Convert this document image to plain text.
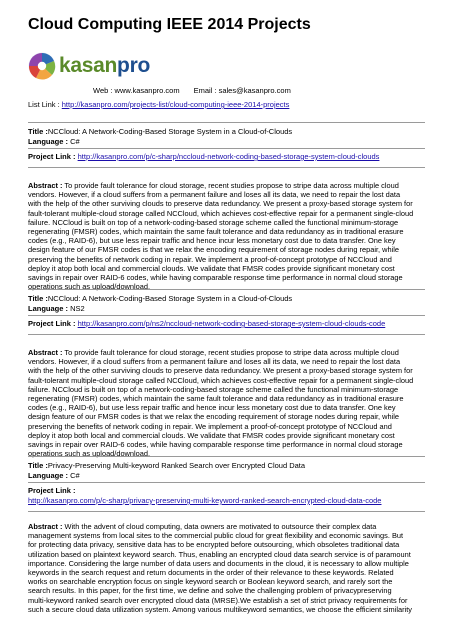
Cloud Computing IEEE 2014 Projects
kasanpro
Web : www.kasanpro.com Email : sales@kasanpro.com
List Link : http://kasanpro.com/projects-list/cloud-computing-ieee-2014-projects
Title :NCCloud: A Network-Coding-Based Storage System in a Cloud-of-Clouds
Language : C#
Project Link : http://kasanpro.com/p/c-sharp/nccloud-network-coding-based-storage-system-cloud-clouds
Abstract : To provide fault tolerance for cloud storage, recent studies propose to stripe data across multiple cloud
vendors. However, if a cloud suffers from a permanent failure and loses all its data, we need to repair the lost data
with the help of the other surviving clouds to preserve data redundancy. We present a proxy-based storage system for
fault-tolerant multiple-cloud storage called NCCloud, which achieves cost-effective repair for a permanent single-cloud
failure. NCCloud is built on top of a network-coding-based storage scheme called the functional minimum-storage
regenerating (FMSR) codes, which maintain the same fault tolerance and data redundancy as in traditional erasure
codes (e.g., RAID-6), but use less repair traffic and hence incur less monetary cost due to data transfer. One key
design feature of our FMSR codes is that we relax the encoding requirement of storage nodes during repair, while
preserving the benefits of network coding in repair. We implement a proof-of-concept prototype of NCCloud and
deploy it atop both local and commercial clouds. We validate that FMSR codes provide significant monetary cost
savings in repair over RAID-6 codes, while having comparable response time performance in normal cloud storage
operations such as upload/download.
Title :NCCloud: A Network-Coding-Based Storage System in a Cloud-of-Clouds
Language : NS2
Project Link : http://kasanpro.com/p/ns2/nccloud-network-coding-based-storage-system-cloud-clouds-code
Abstract : To provide fault tolerance for cloud storage, recent studies propose to stripe data across multiple cloud
vendors. However, if a cloud suffers from a permanent failure and loses all its data, we need to repair the lost data
with the help of the other surviving clouds to preserve data redundancy. We present a proxy-based storage system for
fault-tolerant multiple-cloud storage called NCCloud, which achieves cost-effective repair for a permanent single-cloud
failure. NCCloud is built on top of a network-coding-based storage scheme called the functional minimum-storage
regenerating (FMSR) codes, which maintain the same fault tolerance and data redundancy as in traditional erasure
codes (e.g., RAID-6), but use less repair traffic and hence incur less monetary cost due to data transfer. One key
design feature of our FMSR codes is that we relax the encoding requirement of storage nodes during repair, while
preserving the benefits of network coding in repair. We implement a proof-of-concept prototype of NCCloud and
deploy it atop both local and commercial clouds. We validate that FMSR codes provide significant monetary cost
savings in repair over RAID-6 codes, while having comparable response time performance in normal cloud storage
operations such as upload/download.
Title :Privacy-Preserving Multi-keyword Ranked Search over Encrypted Cloud Data
Language : C#
Project Link :
http://kasanpro.com/p/c-sharp/privacy-preserving-multi-keyword-ranked-search-encrypted-cloud-data-code
Abstract : With the advent of cloud computing, data owners are motivated to outsource their complex data
management systems from local sites to the commercial public cloud for great flexibility and economic savings. But
for protecting data privacy, sensitive data has to be encrypted before outsourcing, which obsoletes traditional data
utilization based on plaintext keyword search. Thus, enabling an encrypted cloud data search service is of paramount
importance. Considering the large number of data users and documents in the cloud, it is necessary to allow multiple
keywords in the search request and return documents in the order of their relevance to these keywords. Related
works on searchable encryption focus on single keyword search or Boolean keyword search, and rarely sort the
search results. In this paper, for the first time, we define and solve the challenging problem of privacypreserving
multi-keyword ranked search over encrypted cloud data (MRSE).We establish a set of strict privacy requirements for
such a secure cloud data utilization system. Among various multikeyword semantics, we choose the efficient similarity
